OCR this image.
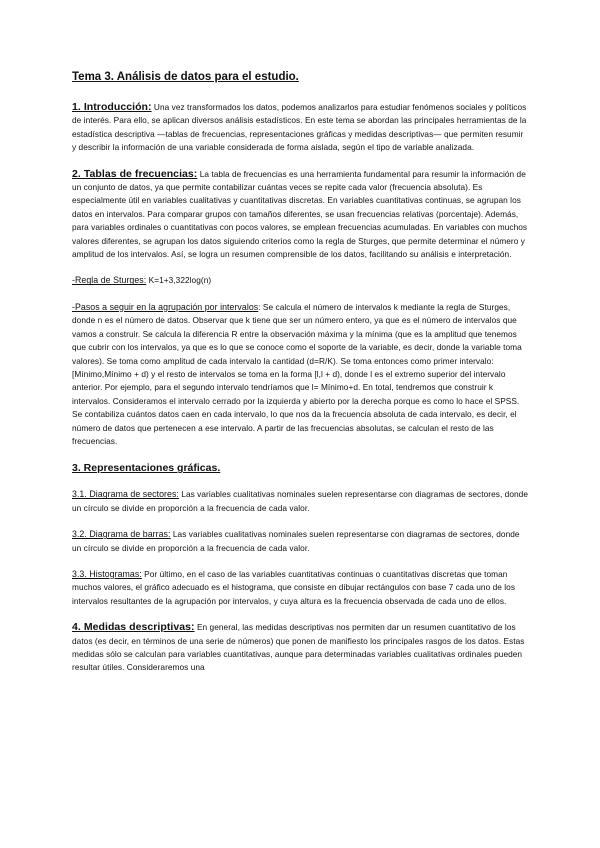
Tema 3. Análisis de datos para el estudio.

1. Introducción: Una vez transformados los datos, podemos analizarlos para estudiar fenómenos sociales y políticos de interés. Para ello, se aplican diversos análisis estadísticos. En este tema se abordan las principales herramientas de la estadística descriptiva —tablas de frecuencias, representaciones gráficas y medidas descriptivas— que permiten resumir y describir la información de una variable considerada de forma aislada, según el tipo de variable analizada.

2. Tablas de frecuencias: La tabla de frecuencias es una herramienta fundamental para resumir la información de un conjunto de datos, ya que permite contabilizar cuántas veces se repite cada valor (frecuencia absoluta). Es especialmente útil en variables cualitativas y cuantitativas discretas. En variables cuantitativas continuas, se agrupan los datos en intervalos. Para comparar grupos con tamaños diferentes, se usan frecuencias relativas (porcentaje). Además, para variables ordinales o cuantitativas con pocos valores, se emplean frecuencias acumuladas. En variables con muchos valores diferentes, se agrupan los datos siguiendo criterios como la regla de Sturges, que permite determinar el número y amplitud de los intervalos. Así, se logra un resumen comprensible de los datos, facilitando su análisis e interpretación.

-Regla de Sturges: K=1+3,322log(n)

-Pasos a seguir en la agrupación por intervalos: Se calcula el número de intervalos k mediante la regla de Sturges, donde n es el número de datos. Observar que k tiene que ser un número entero, ya que es el número de intervalos que vamos a construir. Se calcula la diferencia R entre la observación máxima y la mínima (que es la amplitud que tenemos que cubrir con los intervalos, ya que es lo que se conoce como el soporte de la variable, es decir, donde la variable toma valores). Se toma como amplitud de cada intervalo la cantidad (d=R/K). Se toma entonces como primer intervalo: [Mínimo,Mínimo + d) y el resto de intervalos se toma en la forma [l,l + d), donde l es el extremo superior del intervalo anterior. Por ejemplo, para el segundo intervalo tendríamos que l= Mínimo+d. En total, tendremos que construir k intervalos. Consideramos el intervalo cerrado por la izquierda y abierto por la derecha porque es como lo hace el SPSS. Se contabiliza cuántos datos caen en cada intervalo, lo que nos da la frecuencia absoluta de cada intervalo, es decir, el número de datos que pertenecen a ese intervalo. A partir de las frecuencias absolutas, se calculan el resto de las frecuencias.

3. Representaciones gráficas.

3.1. Diagrama de sectores: Las variables cualitativas nominales suelen representarse con diagramas de sectores, donde un círculo se divide en proporción a la frecuencia de cada valor.

3.2. Diagrama de barras: Las variables cualitativas nominales suelen representarse con diagramas de sectores, donde un círculo se divide en proporción a la frecuencia de cada valor.

3.3. Histogramas: Por último, en el caso de las variables cuantitativas continuas o cuantitativas discretas que toman muchos valores, el gráfico adecuado es el histograma, que consiste en dibujar rectángulos con base 7 cada uno de los intervalos resultantes de la agrupación por intervalos, y cuya altura es la frecuencia observada de cada uno de ellos.

4. Medidas descriptivas: En general, las medidas descriptivas nos permiten dar un resumen cuantitativo de los datos (es decir, en términos de una serie de números) que ponen de manifiesto los principales rasgos de los datos. Estas medidas sólo se calculan para variables cuantitativas, aunque para determinadas variables cualitativas ordinales pueden resultar útiles. Consideraremos una
